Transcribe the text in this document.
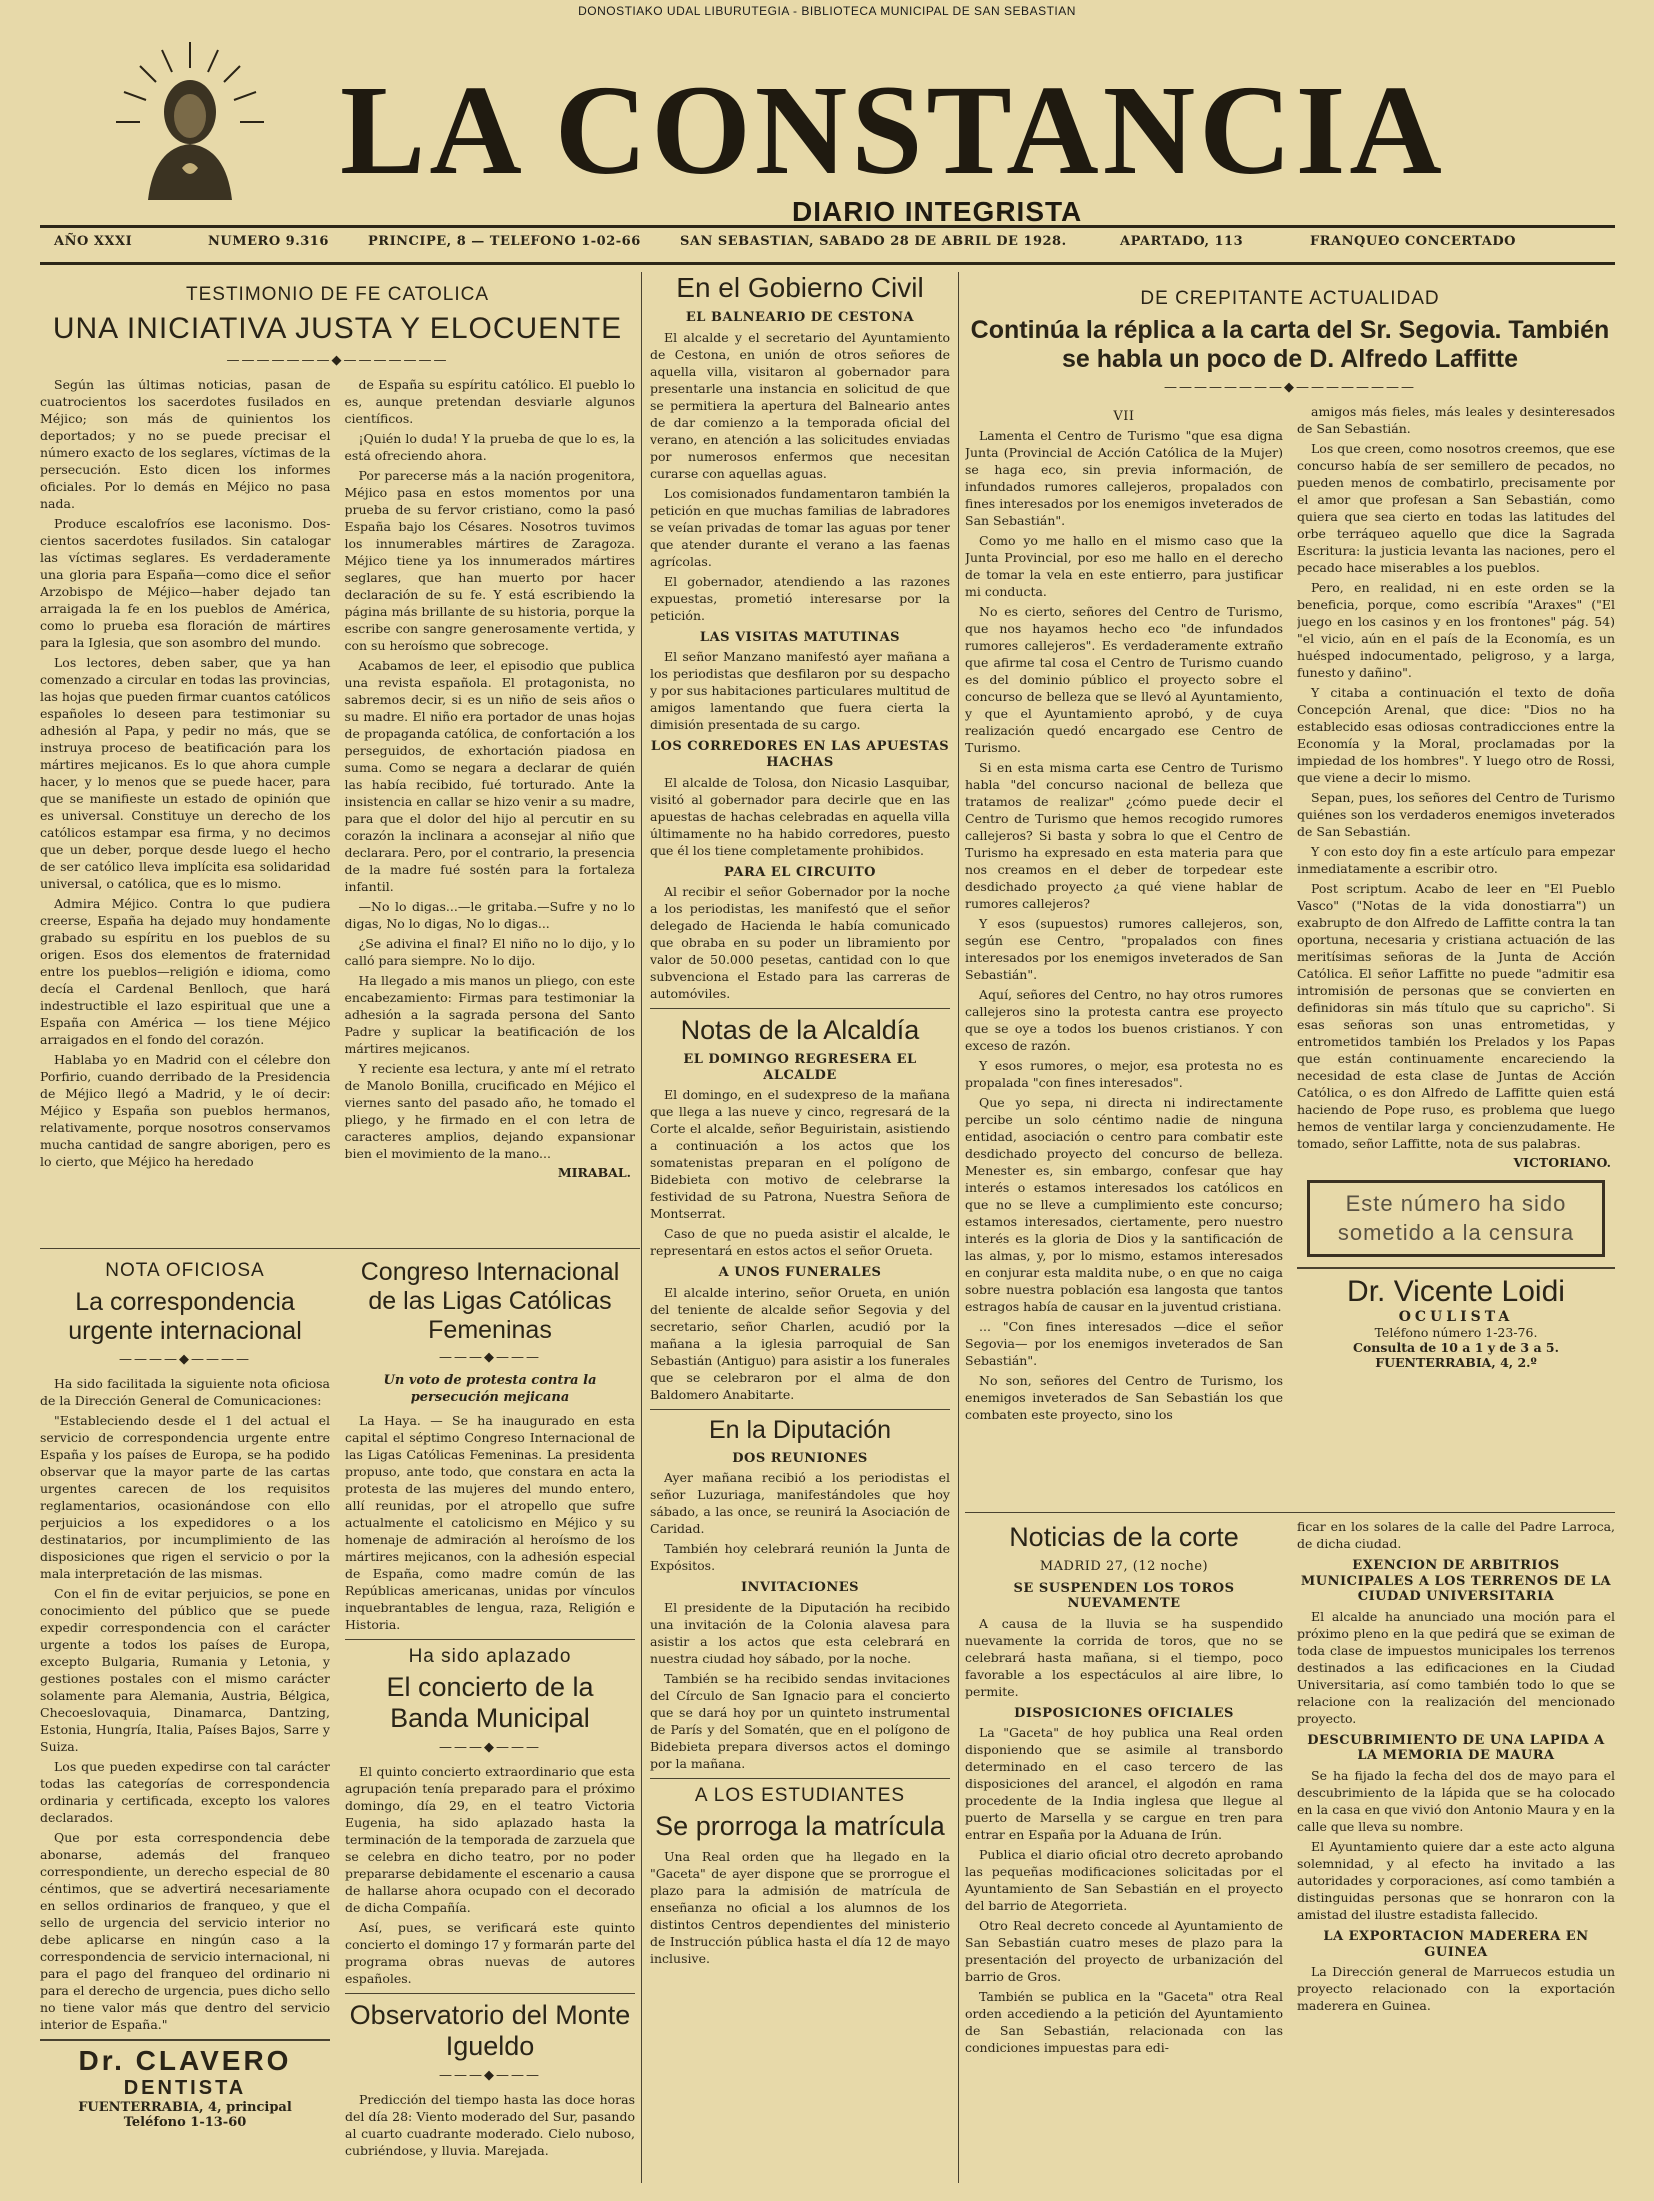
DONOSTIAKO UDAL LIBURUTEGIA - BIBLIOTECA MUNICIPAL DE SAN SEBASTIAN
LA CONSTANCIA
DIARIO INTEGRISTA
AÑO XXXI	NUMERO 9.316	PRINCIPE, 8 — TELEFONO 1-02-66	SAN SEBASTIAN, SABADO 28 DE ABRIL DE 1928.	APARTADO, 113	FRANQUEO CONCERTADO
TESTIMONIO DE FE CATOLICA
UNA INICIATIVA JUSTA Y ELOCUENTE
———————◆———————

Según las últimas noticias, pasan de cuatrocientos los sacerdotes fusilados en Méjico; son más de quinientos los deportados; y no se puede precisar el número exacto de los seglares, víctimas de la persecución. Esto dicen los informes oficiales. Por lo demás en Méjico no pasa nada.

Produce escalofríos ese laconismo. Dos-cientos sacerdotes fusilados. Sin catalogar las víctimas seglares. Es verdaderamente una gloria para España—como dice el señor Arzobispo de Méjico—haber dejado tan arraigada la fe en los pueblos de América, como lo prueba esa floración de mártires para la Iglesia, que son asombro del mundo.

Los lectores, deben saber, que ya han comenzado a circular en todas las provincias, las hojas que pueden firmar cuantos católicos españoles lo deseen para testimoniar su adhesión al Papa, y pedir no más, que se instruya proceso de beatificación para los mártires mejicanos. Es lo que ahora cumple hacer, y lo menos que se puede hacer, para que se manifieste un estado de opinión que es universal. Constituye un derecho de los católicos estampar esa firma, y no decimos que un deber, porque desde luego el hecho de ser católico lleva implícita esa solidaridad universal, o católica, que es lo mismo.

Admira Méjico. Contra lo que pudiera creerse, España ha dejado muy hondamente grabado su espíritu en los pueblos de su origen. Esos dos elementos de fraternidad entre los pueblos—religión e idioma, como decía el Cardenal Benlloch, que hará indestructible el lazo espiritual que une a España con América — los tiene Méjico arraigados en el fondo del corazón.

Hablaba yo en Madrid con el célebre don Porfirio, cuando derribado de la Presidencia de Méjico llegó a Madrid, y le oí decir: Méjico y España son pueblos hermanos, relativamente, porque nosotros conservamos mucha cantidad de sangre aborigen, pero es lo cierto, que Méjico ha heredado

de España su espíritu católico. El pueblo lo es, aunque pretendan desviarle algunos científicos.

¡Quién lo duda! Y la prueba de que lo es, la está ofreciendo ahora.

Por parecerse más a la nación progenitora, Méjico pasa en estos momentos por una prueba de su fervor cristiano, como la pasó España bajo los Césares. Nosotros tuvimos los innumerables mártires de Zaragoza. Méjico tiene ya los innumerados mártires seglares, que han muerto por hacer declaración de su fe. Y está escribiendo la página más brillante de su historia, porque la escribe con sangre generosamente vertida, y con su heroísmo que sobrecoge.

Acabamos de leer, el episodio que publica una revista española. El protagonista, no sabremos decir, si es un niño de seis años o su madre. El niño era portador de unas hojas de propaganda católica, de confortación a los perseguidos, de exhortación piadosa en suma. Como se negara a declarar de quién las había recibido, fué torturado. Ante la insistencia en callar se hizo venir a su madre, para que el dolor del hijo al percutir en su corazón la inclinara a aconsejar al niño que declarara. Pero, por el contrario, la presencia de la madre fué sostén para la fortaleza infantil.

—No lo digas...—le gritaba.—Sufre y no lo digas, No lo digas, No lo digas...

¿Se adivina el final? El niño no lo dijo, y lo calló para siempre. No lo dijo.

Ha llegado a mis manos un pliego, con este encabezamiento: Firmas para testimoniar la adhesión a la sagrada persona del Santo Padre y suplicar la beatificación de los mártires mejicanos.

Y reciente esa lectura, y ante mí el retrato de Manolo Bonilla, crucificado en Méjico el viernes santo del pasado año, he tomado el pliego, y he firmado en el con letra de caracteres amplios, dejando expansionar bien el movimiento de la mano...

MIRABAL.
NOTA OFICIOSA
La correspondencia urgente internacional
————◆————

Ha sido facilitada la siguiente nota oficiosa de la Dirección General de Comunicaciones:

"Estableciendo desde el 1 del actual el servicio de correspondencia urgente entre España y los países de Europa, se ha podido observar que la mayor parte de las cartas urgentes carecen de los requisitos reglamentarios, ocasionándose con ello perjuicios a los expedidores o a los destinatarios, por incumplimiento de las disposiciones que rigen el servicio o por la mala interpretación de las mismas.

Con el fin de evitar perjuicios, se pone en conocimiento del público que se puede expedir correspondencia con el carácter urgente a todos los países de Europa, excepto Bulgaria, Rumania y Letonia, y gestiones postales con el mismo carácter solamente para Alemania, Austria, Bélgica, Checoeslovaquia, Dinamarca, Dantzing, Estonia, Hungría, Italia, Países Bajos, Sarre y Suiza.

Los que pueden expedirse con tal carácter todas las categorías de correspondencia ordinaria y certificada, excepto los valores declarados.

Que por esta correspondencia debe abonarse, además del franqueo correspondiente, un derecho especial de 80 céntimos, que se advertirá necesariamente en sellos ordinarios de franqueo, y que el sello de urgencia del servicio interior no debe aplicarse en ningún caso a la correspondencia de servicio internacional, ni para el pago del franqueo del ordinario ni para el derecho de urgencia, pues dicho sello no tiene valor más que dentro del servicio interior de España."

Dr. CLAVERO
DENTISTA
FUENTERRABIA, 4, principal
Teléfono 1-13-60
Congreso Internacional de las Ligas Católicas Femeninas
———◆———
Un voto de protesta contra la persecución mejicana

La Haya. — Se ha inaugurado en esta capital el séptimo Congreso Internacional de las Ligas Católicas Femeninas. La presidenta propuso, ante todo, que constara en acta la protesta de las mujeres del mundo entero, allí reunidas, por el atropello que sufre actualmente el catolicismo en Méjico y su homenaje de admiración al heroísmo de los mártires mejicanos, con la adhesión especial de España, como madre común de las Repúblicas americanas, unidas por vínculos inquebrantables de lengua, raza, Religión e Historia.

Ha sido aplazado
El concierto de la Banda Municipal
———◆———

El quinto concierto extraordinario que esta agrupación tenía preparado para el próximo domingo, día 29, en el teatro Victoria Eugenia, ha sido aplazado hasta la terminación de la temporada de zarzuela que se celebra en dicho teatro, por no poder prepararse debidamente el escenario a causa de hallarse ahora ocupado con el decorado de dicha Compañía.

Así, pues, se verificará este quinto concierto el domingo 17 y formarán parte del programa obras nuevas de autores españoles.

Observatorio del Monte Igueldo
———◆———

Predicción del tiempo hasta las doce horas del día 28: Viento moderado del Sur, pasando al cuarto cuadrante moderado. Cielo nuboso, cubriéndose, y lluvia. Marejada.

En el Gobierno Civil
EL BALNEARIO DE CESTONA

El alcalde y el secretario del Ayuntamiento de Cestona, en unión de otros señores de aquella villa, visitaron al gobernador para presentarle una instancia en solicitud de que se permitiera la apertura del Balneario antes de dar comienzo a la temporada oficial del verano, en atención a las solicitudes enviadas por numerosos enfermos que necesitan curarse con aquellas aguas.

Los comisionados fundamentaron también la petición en que muchas familias de labradores se veían privadas de tomar las aguas por tener que atender durante el verano a las faenas agrícolas.

El gobernador, atendiendo a las razones expuestas, prometió interesarse por la petición.

LAS VISITAS MATUTINAS

El señor Manzano manifestó ayer mañana a los periodistas que desfilaron por su despacho y por sus habitaciones particulares multitud de amigos lamentando que fuera cierta la dimisión presentada de su cargo.

LOS CORREDORES EN LAS APUESTAS HACHAS

El alcalde de Tolosa, don Nicasio Lasquibar, visitó al gobernador para decirle que en las apuestas de hachas celebradas en aquella villa últimamente no ha habido corredores, puesto que él los tiene completamente prohibidos.

PARA EL CIRCUITO

Al recibir el señor Gobernador por la noche a los periodistas, les manifestó que el señor delegado de Hacienda le había comunicado que obraba en su poder un libramiento por valor de 50.000 pesetas, cantidad con lo que subvenciona el Estado para las carreras de automóviles.

Notas de la Alcaldía
EL DOMINGO REGRESERA EL ALCALDE

El domingo, en el sudexpreso de la mañana que llega a las nueve y cinco, regresará de la Corte el alcalde, señor Beguiristain, asistiendo a continuación a los actos que los somatenistas preparan en el polígono de Bidebieta con motivo de celebrarse la festividad de su Patrona, Nuestra Señora de Montserrat.

Caso de que no pueda asistir el alcalde, le representará en estos actos el señor Orueta.

A UNOS FUNERALES

El alcalde interino, señor Orueta, en unión del teniente de alcalde señor Segovia y del secretario, señor Charlen, acudió por la mañana a la iglesia parroquial de San Sebastián (Antiguo) para asistir a los funerales que se celebraron por el alma de don Baldomero Anabitarte.

En la Diputación
DOS REUNIONES

Ayer mañana recibió a los periodistas el señor Luzuriaga, manifestándoles que hoy sábado, a las once, se reunirá la Asociación de Caridad.

También hoy celebrará reunión la Junta de Expósitos.

INVITACIONES

El presidente de la Diputación ha recibido una invitación de la Colonia alavesa para asistir a los actos que esta celebrará en nuestra ciudad hoy sábado, por la noche.

También se ha recibido sendas invitaciones del Círculo de San Ignacio para el concierto que se dará hoy por un quinteto instrumental de París y del Somatén, que en el polígono de Bidebieta prepara diversos actos el domingo por la mañana.

A LOS ESTUDIANTES
Se prorroga la matrícula

Una Real orden que ha llegado en la "Gaceta" de ayer dispone que se prorrogue el plazo para la admisión de matrícula de enseñanza no oficial a los alumnos de los distintos Centros dependientes del ministerio de Instrucción pública hasta el día 12 de mayo inclusive.

DE CREPITANTE ACTUALIDAD
Continúa la réplica a la carta del Sr. Segovia. También se habla un poco de D. Alfredo Laffitte
————————◆————————
VII

Lamenta el Centro de Turismo "que esa digna Junta (Provincial de Acción Católica de la Mujer) se haga eco, sin previa información, de infundados rumores callejeros, propalados con fines interesados por los enemigos inveterados de San Sebastián".

Como yo me hallo en el mismo caso que la Junta Provincial, por eso me hallo en el derecho de tomar la vela en este entierro, para justificar mi conducta.

No es cierto, señores del Centro de Turismo, que nos hayamos hecho eco "de infundados rumores callejeros". Es verdaderamente extraño que afirme tal cosa el Centro de Turismo cuando es del dominio público el proyecto sobre el concurso de belleza que se llevó al Ayuntamiento, y que el Ayuntamiento aprobó, y de cuya realización quedó encargado ese Centro de Turismo.

Si en esta misma carta ese Centro de Turismo habla "del concurso nacional de belleza que tratamos de realizar" ¿cómo puede decir el Centro de Turismo que hemos recogido rumores callejeros? Si basta y sobra lo que el Centro de Turismo ha expresado en esta materia para que nos creamos en el deber de torpedear este desdichado proyecto ¿a qué viene hablar de rumores callejeros?

Y esos (supuestos) rumores callejeros, son, según ese Centro, "propalados con fines interesados por los enemigos inveterados de San Sebastián".

Aquí, señores del Centro, no hay otros rumores callejeros sino la protesta cantra ese proyecto que se oye a todos los buenos cristianos. Y con exceso de razón.

Y esos rumores, o mejor, esa protesta no es propalada "con fines interesados".

Que yo sepa, ni directa ni indirectamente percibe un solo céntimo nadie de ninguna entidad, asociación o centro para combatir este desdichado proyecto del concurso de belleza. Menester es, sin embargo, confesar que hay interés o estamos interesados los católicos en que no se lleve a cumplimiento este concurso; estamos interesados, ciertamente, pero nuestro interés es la gloria de Dios y la santificación de las almas, y, por lo mismo, estamos interesados en conjurar esta maldita nube, o en que no caiga sobre nuestra población esa langosta que tantos estragos había de causar en la juventud cristiana.

... "Con fines interesados —dice el señor Segovia— por los enemigos inveterados de San Sebastián".

No son, señores del Centro de Turismo, los enemigos inveterados de San Sebastián los que combaten este proyecto, sino los

amigos más fieles, más leales y desinteresados de San Sebastián.

Los que creen, como nosotros creemos, que ese concurso había de ser semillero de pecados, no pueden menos de combatirlo, precisamente por el amor que profesan a San Sebastián, como quiera que sea cierto en todas las latitudes del orbe terráqueo aquello que dice la Sagrada Escritura: la justicia levanta las naciones, pero el pecado hace miserables a los pueblos.

Pero, en realidad, ni en este orden se la beneficia, porque, como escribía "Araxes" ("El juego en los casinos y en los frontones" pág. 54) "el vicio, aún en el país de la Economía, es un huésped indocumentado, peligroso, y a larga, funesto y dañino".

Y citaba a continuación el texto de doña Concepción Arenal, que dice: "Dios no ha establecido esas odiosas contradicciones entre la Economía y la Moral, proclamadas por la impiedad de los hombres". Y luego otro de Rossi, que viene a decir lo mismo.

Sepan, pues, los señores del Centro de Turismo quiénes son los verdaderos enemigos inveterados de San Sebastián.

Y con esto doy fin a este artículo para empezar inmediatamente a escribir otro.

Post scriptum. Acabo de leer en "El Pueblo Vasco" ("Notas de la vida donostiarra") un exabrupto de don Alfredo de Laffitte contra la tan oportuna, necesaria y cristiana actuación de las meritísimas señoras de la Junta de Acción Católica. El señor Laffitte no puede "admitir esa intromisión de personas que se convierten en definidoras sin más título que su capricho". Si esas señoras son unas entrometidas, y entrometidos también los Prelados y los Papas que están continuamente encareciendo la necesidad de esta clase de Juntas de Acción Católica, o es don Alfredo de Laffitte quien está haciendo de Pope ruso, es problema que luego hemos de ventilar larga y concienzudamente. He tomado, señor Laffitte, nota de sus palabras.

VICTORIANO.
Este número ha sido sometido a la censura
Dr. Vicente Loidi
OCULISTA
Teléfono número 1-23-76.
Consulta de 10 a 1 y de 3 a 5.
FUENTERRABIA, 4, 2.º
Noticias de la corte
MADRID 27, (12 noche)
SE SUSPENDEN LOS TOROS NUEVAMENTE

A causa de la lluvia se ha suspendido nuevamente la corrida de toros, que no se celebrará hasta mañana, si el tiempo, poco favorable a los espectáculos al aire libre, lo permite.

DISPOSICIONES OFICIALES

La "Gaceta" de hoy publica una Real orden disponiendo que se asimile al transbordo determinado en el caso tercero de las disposiciones del arancel, el algodón en rama procedente de la India inglesa que llegue al puerto de Marsella y se cargue en tren para entrar en España por la Aduana de Irún.

Publica el diario oficial otro decreto aprobando las pequeñas modificaciones solicitadas por el Ayuntamiento de San Sebastián en el proyecto del barrio de Ategorrieta.

Otro Real decreto concede al Ayuntamiento de San Sebastián cuatro meses de plazo para la presentación del proyecto de urbanización del barrio de Gros.

También se publica en la "Gaceta" otra Real orden accediendo a la petición del Ayuntamiento de San Sebastián, relacionada con las condiciones impuestas para edi-

ficar en los solares de la calle del Padre Larroca, de dicha ciudad.

EXENCION DE ARBITRIOS MUNICIPALES A LOS TERRENOS DE LA CIUDAD UNIVERSITARIA

El alcalde ha anunciado una moción para el próximo pleno en la que pedirá que se eximan de toda clase de impuestos municipales los terrenos destinados a las edificaciones en la Ciudad Universitaria, así como también todo lo que se relacione con la realización del mencionado proyecto.

DESCUBRIMIENTO DE UNA LAPIDA A LA MEMORIA DE MAURA

Se ha fijado la fecha del dos de mayo para el descubrimiento de la lápida que se ha colocado en la casa en que vivió don Antonio Maura y en la calle que lleva su nombre.

El Ayuntamiento quiere dar a este acto alguna solemnidad, y al efecto ha invitado a las autoridades y corporaciones, así como también a distinguidas personas que se honraron con la amistad del ilustre estadista fallecido.

LA EXPORTACION MADERERA EN GUINEA

La Dirección general de Marruecos estudia un proyecto relacionado con la exportación maderera en Guinea.
